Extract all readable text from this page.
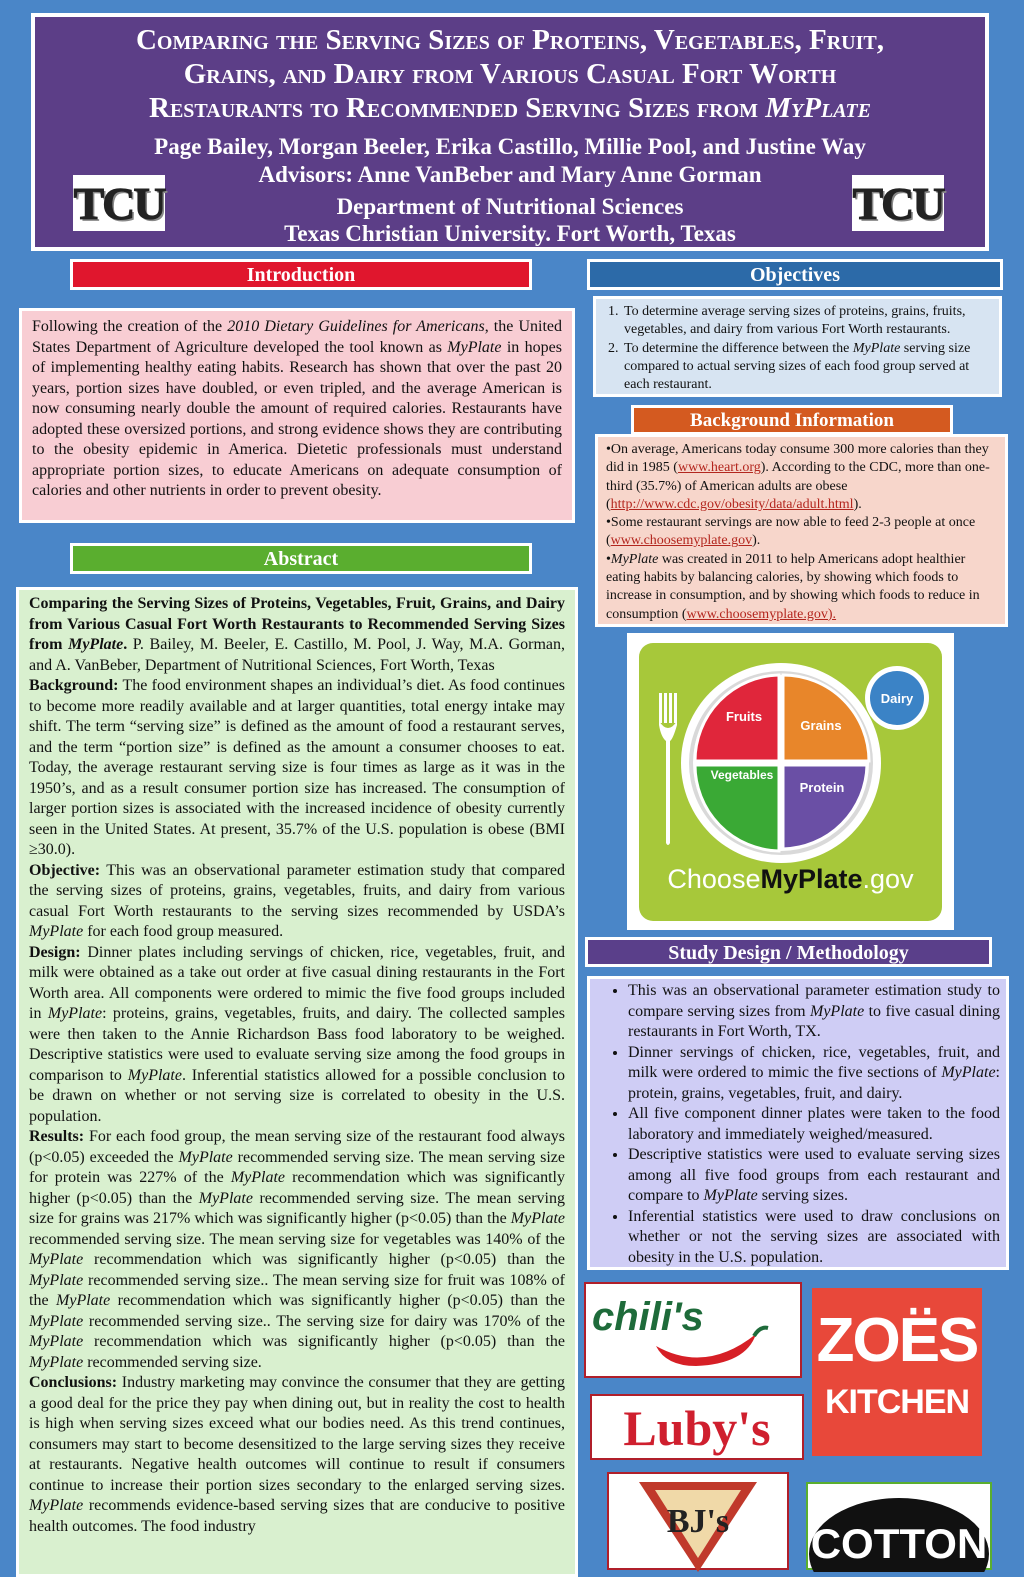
Comparing the Serving Sizes of Proteins, Vegetables, Fruit,
Grains, and Dairy from Various Casual Fort Worth
Restaurants to Recommended Serving Sizes from MyPlate
Page Bailey, Morgan Beeler, Erika Castillo, Millie Pool, and Justine Way
Advisors: Anne VanBeber and Mary Anne Gorman
Department of Nutritional Sciences
Texas Christian University. Fort Worth, Texas
TCU	TCU
Introduction

Following the creation of the 2010 Dietary Guidelines for Americans, the United States Department of Agriculture developed the tool known as MyPlate in hopes of implementing healthy eating habits. Research has shown that over the past 20 years, portion sizes have doubled, or even tripled, and the average American is now consuming nearly double the amount of required calories. Restaurants have adopted these oversized portions, and strong evidence shows they are contributing to the obesity epidemic in America. Dietetic professionals must understand appropriate portion sizes, to educate Americans on adequate consumption of calories and other nutrients in order to prevent obesity.

Abstract

Comparing the Serving Sizes of Proteins, Vegetables, Fruit, Grains, and Dairy from Various Casual Fort Worth Restaurants to Recommended Serving Sizes from MyPlate. P. Bailey, M. Beeler, E. Castillo, M. Pool, J. Way, M.A. Gorman, and A. VanBeber, Department of Nutritional Sciences, Fort Worth, Texas

Background: The food environment shapes an individual’s diet. As food continues to become more readily available and at larger quantities, total energy intake may shift. The term “serving size” is defined as the amount of food a restaurant serves, and the term “portion size” is defined as the amount a consumer chooses to eat. Today, the average restaurant serving size is four times as large as it was in the 1950’s, and as a result consumer portion size has increased. The consumption of larger portion sizes is associated with the increased incidence of obesity currently seen in the United States. At present, 35.7% of the U.S. population is obese (BMI ≥30.0).

Objective: This was an observational parameter estimation study that compared the serving sizes of proteins, grains, vegetables, fruits, and dairy from various casual Fort Worth restaurants to the serving sizes recommended by USDA’s MyPlate for each food group measured.

Design: Dinner plates including servings of chicken, rice, vegetables, fruit, and milk were obtained as a take out order at five casual dining restaurants in the Fort Worth area. All components were ordered to mimic the five food groups included in MyPlate: proteins, grains, vegetables, fruits, and dairy. The collected samples were then taken to the Annie Richardson Bass food laboratory to be weighed. Descriptive statistics were used to evaluate serving size among the food groups in comparison to MyPlate. Inferential statistics allowed for a possible conclusion to be drawn on whether or not serving size is correlated to obesity in the U.S. population.

Results: For each food group, the mean serving size of the restaurant food always (p<0.05) exceeded the MyPlate recommended serving size. The mean serving size for protein was 227% of the MyPlate recommendation which was significantly higher (p<0.05) than the MyPlate recommended serving size. The mean serving size for grains was 217% which was significantly higher (p<0.05) than the MyPlate recommended serving size. The mean serving size for vegetables was 140% of the MyPlate recommendation which was significantly higher (p<0.05) than the MyPlate recommended serving size.. The mean serving size for fruit was 108% of the MyPlate recommendation which was significantly higher (p<0.05) than the MyPlate recommended serving size.. The serving size for dairy was 170% of the MyPlate recommendation which was significantly higher (p<0.05) than the MyPlate recommended serving size.

Conclusions: Industry marketing may convince the consumer that they are getting a good deal for the price they pay when dining out, but in reality the cost to health is high when serving sizes exceed what our bodies need. As this trend continues, consumers may start to become desensitized to the large serving sizes they receive at restaurants. Negative health outcomes will continue to result if consumers continue to increase their portion sizes secondary to the enlarged serving sizes. MyPlate recommends evidence-based serving sizes that are conducive to positive health outcomes. The food industry

Objectives
1. To determine average serving sizes of proteins, grains, fruits, vegetables, and dairy from various Fort Worth restaurants.
2. To determine the difference between the MyPlate serving size compared to actual serving sizes of each food group served at each restaurant.
Background Information

•On average, Americans today consume 300 more calories than they did in 1985 (www.heart.org). According to the CDC, more than one-third (35.7%) of American adults are obese (http://www.cdc.gov/obesity/data/adult.html).

•Some restaurant servings are now able to feed 2-3 people at once (www.choosemyplate.gov).

•MyPlate was created in 2011 to help Americans adopt healthier eating habits by balancing calories, by showing which foods to increase in consumption, and by showing which foods to reduce in consumption (www.choosemyplate.gov).

Fruits
Grains
Vegetables
Protein
Dairy
ChooseMyPlate.gov
Study Design / Methodology
• This was an observational parameter estimation study to compare serving sizes from MyPlate to five casual dining restaurants in Fort Worth, TX.
• Dinner servings of chicken, rice, vegetables, fruit, and milk were ordered to mimic the five sections of MyPlate: protein, grains, vegetables, fruit, and dairy.
• All five component dinner plates were taken to the food laboratory and immediately weighed/measured.
• Descriptive statistics were used to evaluate serving sizes among all five food groups from each restaurant and compare to MyPlate serving sizes.
• Inferential statistics were used to draw conclusions on whether or not the serving sizes are associated with obesity in the U.S. population.
chili's ZOËS
KITCHEN
Luby's
BJ's COTTON
